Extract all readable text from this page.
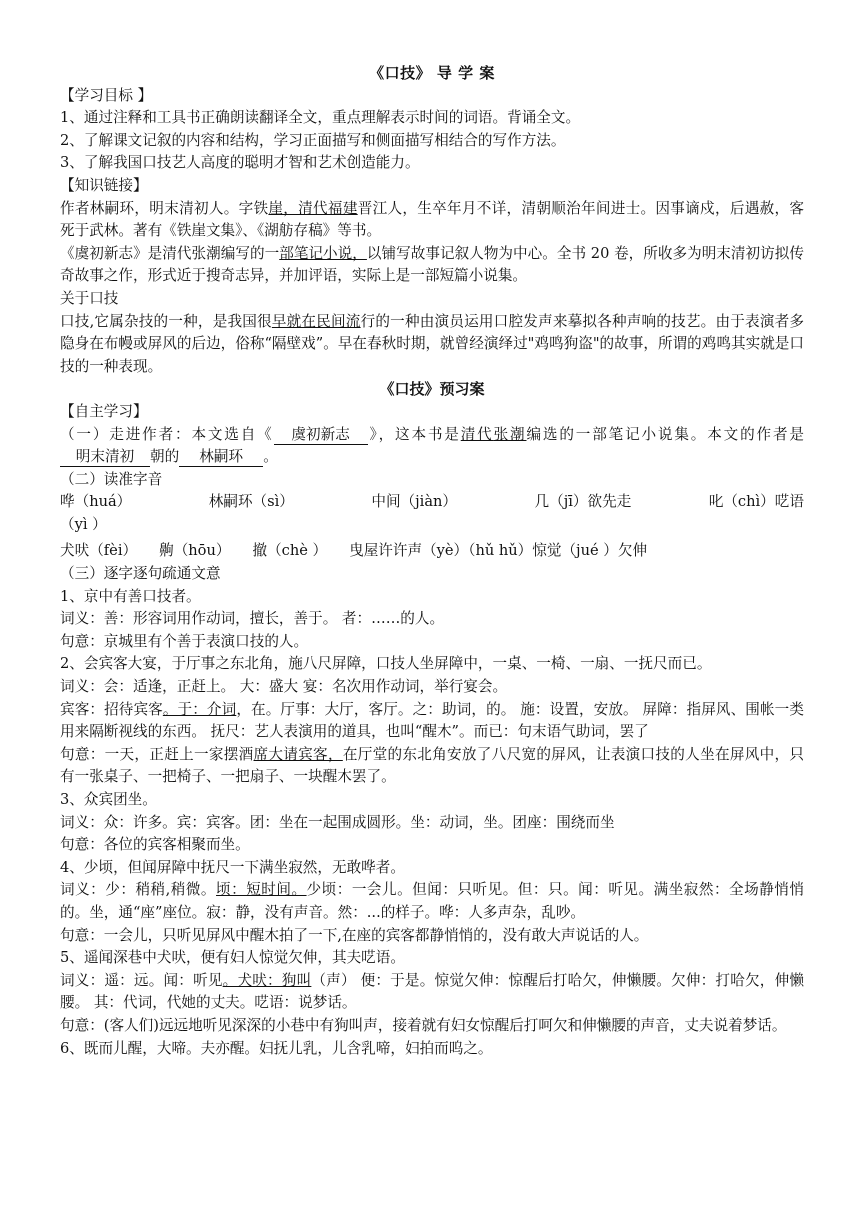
《口技》 导 学 案

【学习目标 】

1、通过注释和工具书正确朗读翻译全文，重点理解表示时间的词语。背诵全文。

2、了解课文记叙的内容和结构，学习正面描写和侧面描写相结合的写作方法。

3、了解我国口技艺人高度的聪明才智和艺术创造能力。

【知识链接】

作者林嗣环，明末清初人。字铁崖，清代福建晋江人，生卒年月不详，清朝顺治年间进士。因事谪戍，后遇赦，客死于武林。著有《铁崖文集》、《湖舫存稿》等书。

《虞初新志》是清代张潮编写的一部笔记小说，以铺写故事记叙人物为中心。全书 20 卷，所收多为明末清初访拟传奇故事之作，形式近于搜奇志异，并加评语，实际上是一部短篇小说集。

关于口技

口技,它属杂技的一种，是我国很早就在民间流行的一种由演员运用口腔发声来摹拟各种声响的技艺。由于表演者多隐身在布幔或屏风的后边，俗称“隔壁戏”。早在春秋时期，就曾经演绎过"鸡鸣狗盗"的故事，所谓的鸡鸣其实就是口技的一种表现。

《口技》预习案

【自主学习】

（一）走进作者：本文选自《 虞初新志 》，这本书是清代张潮编选的一部笔记小说集。本文的作者是明末清初 朝的 林嗣环 。

（二）读准字音

哗（huá）	林嗣环（sì）	中间（jiàn）	几（jī）欲先走	叱（chì）呓语

（yì ）

犬吠（fèi） 齁（hōu） 撤（chè ） 曳屋许许声（yè）（hǔ hǔ）惊觉（jué ）欠伸

（三）逐字逐句疏通文意

1、京中有善口技者。

词义：善：形容词用作动词，擅长，善于。 者：……的人。

句意：京城里有个善于表演口技的人。

2、会宾客大宴，于厅事之东北角，施八尺屏障，口技人坐屏障中，一桌、一椅、一扇、一抚尺而已。

词义：会：适逢，正赶上。 大：盛大 宴：名次用作动词，举行宴会。

宾客：招待宾客。于：介词，在。厅事：大厅，客厅。之：助词，的。 施：设置，安放。 屏障：指屏风、围帐一类用来隔断视线的东西。 抚尺：艺人表演用的道具，也叫“醒木”。而已：句末语气助词，罢了

句意：一天，正赶上一家摆酒席大请宾客，在厅堂的东北角安放了八尺宽的屏风，让表演口技的人坐在屏风中，只有一张桌子、一把椅子、一把扇子、一块醒木罢了。

3、众宾团坐。

词义：众：许多。宾：宾客。团：坐在一起围成圆形。坐：动词，坐。团座：围绕而坐

句意：各位的宾客相聚而坐。

4、少顷，但闻屏障中抚尺一下满坐寂然，无敢哗者。

词义：少：稍稍,稍微。顷：短时间。少顷：一会儿。但闻：只听见。但：只。闻：听见。满坐寂然：全场静悄悄的。坐，通“座”座位。寂：静，没有声音。然：...的样子。哗：人多声杂，乱吵。

句意：一会儿，只听见屏风中醒木拍了一下,在座的宾客都静悄悄的，没有敢大声说话的人。

5、遥闻深巷中犬吠，便有妇人惊觉欠伸，其夫呓语。

词义：遥：远。闻：听见。犬吠：狗叫（声） 便：于是。惊觉欠伸：惊醒后打哈欠，伸懒腰。欠伸：打哈欠，伸懒腰。 其：代词，代她的丈夫。呓语：说梦话。

句意：(客人们)远远地听见深深的小巷中有狗叫声，接着就有妇女惊醒后打呵欠和伸懒腰的声音，丈夫说着梦话。

6、既而儿醒，大啼。夫亦醒。妇抚儿乳，儿含乳啼，妇拍而呜之。
